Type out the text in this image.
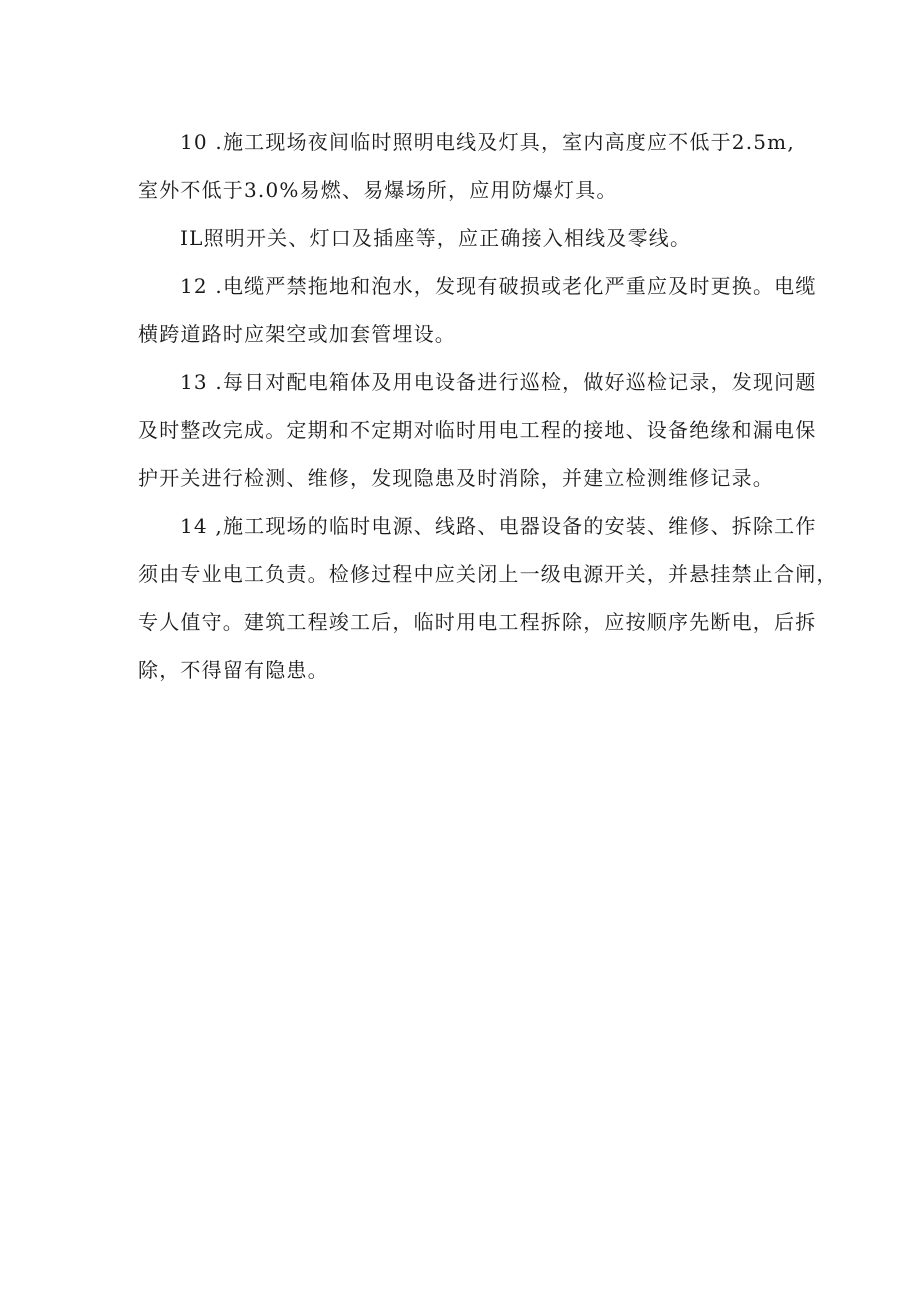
10 .施工现场夜间临时照明电线及灯具，室内高度应不低于2.5m,
室外不低于3.0%易燃、易爆场所，应用防爆灯具。
IL照明开关、灯口及插座等，应正确接入相线及零线。
12 .电缆严禁拖地和泡水，发现有破损或老化严重应及时更换。电缆
横跨道路时应架空或加套管埋设。
13 .每日对配电箱体及用电设备进行巡检，做好巡检记录，发现问题
及时整改完成。定期和不定期对临时用电工程的接地、设备绝缘和漏电保
护开关进行检测、维修，发现隐患及时消除，并建立检测维修记录。
14 ,施工现场的临时电源、线路、电器设备的安装、维修、拆除工作
须由专业电工负责。检修过程中应关闭上一级电源开关，并悬挂禁止合闸，
专人值守。建筑工程竣工后，临时用电工程拆除，应按顺序先断电，后拆
除，不得留有隐患。
